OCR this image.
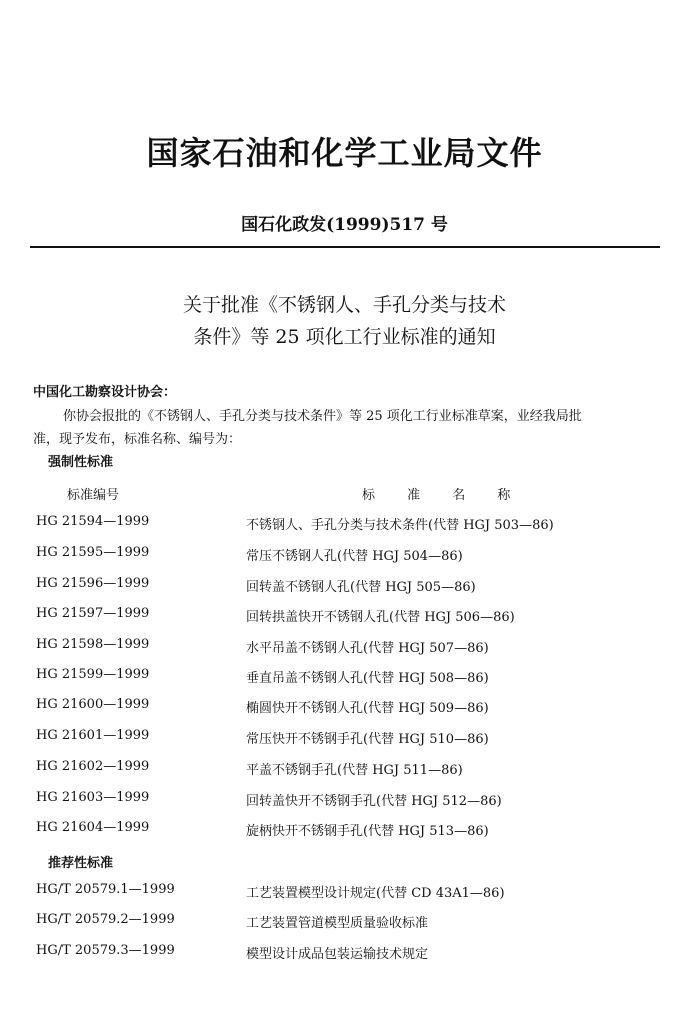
国家石油和化学工业局文件
国石化政发(1999)517 号
关于批准《不锈钢人、手孔分类与技术
条件》等 25 项化工行业标准的通知
中国化工勘察设计协会：
你协会报批的《不锈钢人、手孔分类与技术条件》等 25 项化工行业标准草案，业经我局批
准，现予发布，标准名称、编号为：
强制性标准
标准编号	标 准 名 称
HG 21594—1999	不锈钢人、手孔分类与技术条件(代替 HGJ 503—86)
HG 21595—1999	常压不锈钢人孔(代替 HGJ 504—86)
HG 21596—1999	回转盖不锈钢人孔(代替 HGJ 505—86)
HG 21597—1999	回转拱盖快开不锈钢人孔(代替 HGJ 506—86)
HG 21598—1999	水平吊盖不锈钢人孔(代替 HGJ 507—86)
HG 21599—1999	垂直吊盖不锈钢人孔(代替 HGJ 508—86)
HG 21600—1999	椭圆快开不锈钢人孔(代替 HGJ 509—86)
HG 21601—1999	常压快开不锈钢手孔(代替 HGJ 510—86)
HG 21602—1999	平盖不锈钢手孔(代替 HGJ 511—86)
HG 21603—1999	回转盖快开不锈钢手孔(代替 HGJ 512—86)
HG 21604—1999	旋柄快开不锈钢手孔(代替 HGJ 513—86)
推荐性标准
HG/T 20579.1—1999	工艺装置模型设计规定(代替 CD 43A1—86)
HG/T 20579.2—1999	工艺装置管道模型质量验收标准
HG/T 20579.3—1999	模型设计成品包装运输技术规定
